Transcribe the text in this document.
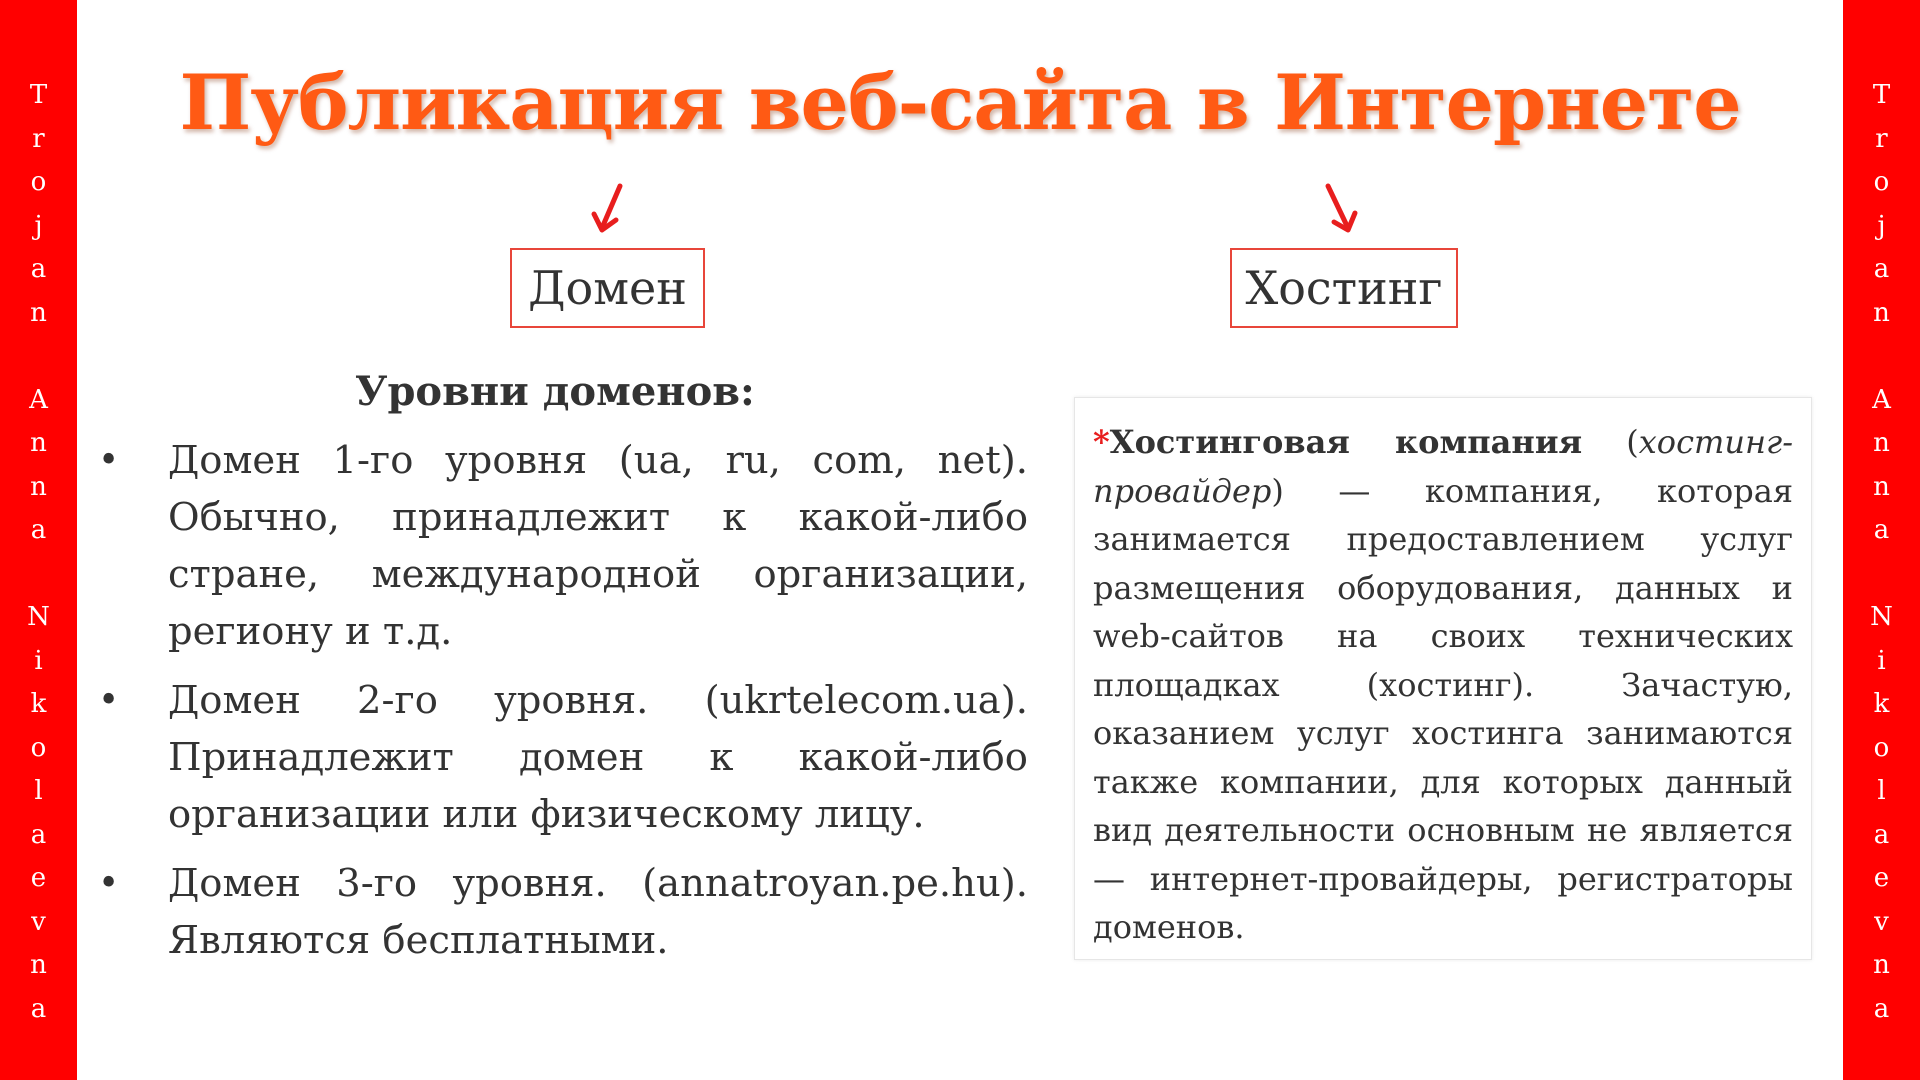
T
r
o
j
a
n
A
n
n
a
N
i
k
o
l
a
e
v
n
a
T
r
o
j
a
n
A
n
n
a
N
i
k
o
l
a
e
v
n
a
Публикация веб-сайта в Интернете
Домен	Хостинг
Уровни доменов:
• Домен 1-го уровня (ua, ru, com, net). Обычно, принадлежит к какой-либо стране, международной организации, региону и т.д.
• Домен 2-го уровня. (ukrtelecom.ua). Принадлежит домен к какой-либо организации или физическому лицу.
• Домен 3-го уровня. (annatroyan.pe.hu). Являются бесплатными.

*Хостинговая компания (хостинг-провайдер) — компания, которая занимается предоставлением услуг размещения оборудования, данных и web-сайтов на своих технических площадках (хостинг). Зачастую, оказанием услуг хостинга занимаются также компании, для которых данный вид деятельности основным не является — интернет-провайдеры, регистраторы доменов.
